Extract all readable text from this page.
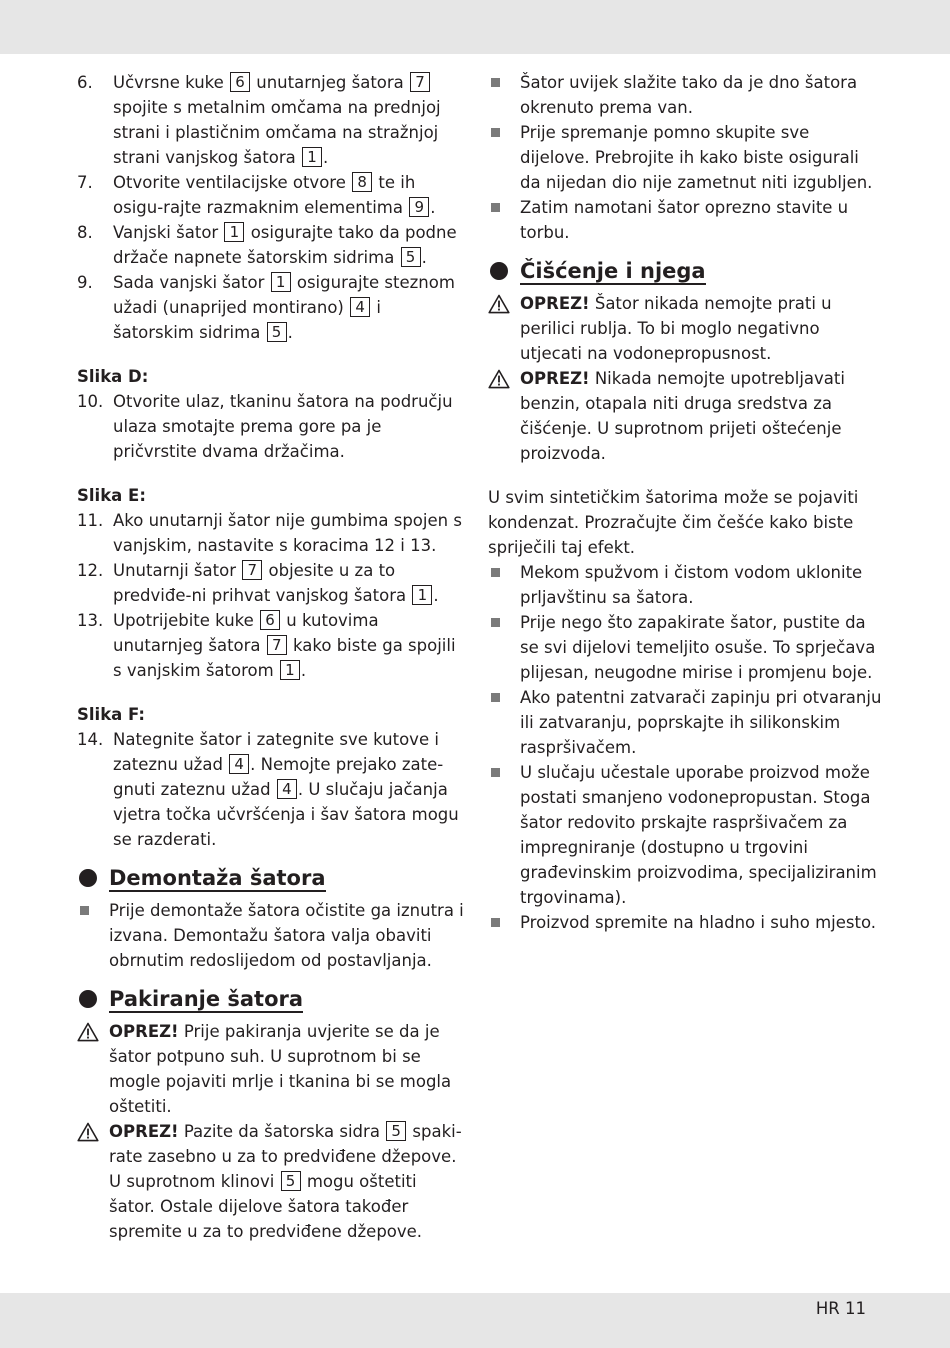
6. Učvrsne kuke 6 unutarnjeg šatora 7 spojite s metalnim omčama na prednjoj strani i plastičnim omčama na stražnjoj strani vanjskog šatora 1 .
7. Otvorite ventilacijske otvore 8 te ih osigu-rajte razmaknim elementima 9 .
8. Vanjski šator 1 osigurajte tako da podne držače napnete šatorskim sidrima 5 .
9. Sada vanjski šator 1 osigurajte steznom užadi (unaprijed montirano) 4 i šatorskim sidrima 5 .
Slika D:
10. Otvorite ulaz, tkaninu šatora na području ulaza smotajte prema gore pa je pričvrstite dvama držačima.
Slika E:
11. Ako unutarnji šator nije gumbima spojen s vanjskim, nastavite s koracima 12 i 13.
12. Unutarnji šator 7 objesite u za to predviđe-ni prihvat vanjskog šatora 1 .
13. Upotrijebite kuke 6 u kutovima unutarnjeg šatora 7 kako biste ga spojili s vanjskim šatorom 1 .
Slika F:
14. Nategnite šator i zategnite sve kutove i zateznu užad 4 . Nemojte prejako zate-gnuti zateznu užad 4 . U slučaju jačanja vjetra točka učvršćenja i šav šatora mogu se razderati.
Demontaža šatora
Prije demontaže šatora očistite ga iznutra i izvana. Demontažu šatora valja obaviti obrnutim redoslijedom od postavljanja.
Pakiranje šatora
OPREZ! Prije pakiranja uvjerite se da je šator potpuno suh. U suprotnom bi se mogle pojaviti mrlje i tkanina bi se mogla oštetiti.
OPREZ! Pazite da šatorska sidra 5 spaki-rate zasebno u za to predviđene džepove. U suprotnom klinovi 5 mogu oštetiti šator. Ostale dijelove šatora također spremite u za to predviđene džepove.
Šator uvijek slažite tako da je dno šatora okrenuto prema van.
Prije spremanje pomno skupite sve dijelove. Prebrojite ih kako biste osigurali da nijedan dio nije zametnut niti izgubljen.
Zatim namotani šator oprezno stavite u torbu.
Čišćenje i njega
OPREZ! Šator nikada nemojte prati u perilici rublja. To bi moglo negativno utjecati na vodonepropusnost.
OPREZ! Nikada nemojte upotrebljavati benzin, otapala niti druga sredstva za čišćenje. U suprotnom prijeti oštećenje proizvoda.
U svim sintetičkim šatorima može se pojaviti kondenzat. Prozračujte čim češće kako biste spriječili taj efekt.
Mekom spužvom i čistom vodom uklonite prljavštinu sa šatora.
Prije nego što zapakirate šator, pustite da se svi dijelovi temeljito osuše. To sprječava plijesan, neugodne mirise i promjenu boje.
Ako patentni zatvarači zapinju pri otvaranju ili zatvaranju, poprskajte ih silikonskim raspršivačem.
U slučaju učestale uporabe proizvod može postati smanjeno vodonepropustan. Stoga šator redovito prskajte raspršivačem za impregniranje (dostupno u trgovini građevinskim proizvodima, specijaliziranim trgovinama).
Proizvod spremite na hladno i suho mjesto.
HR 11
